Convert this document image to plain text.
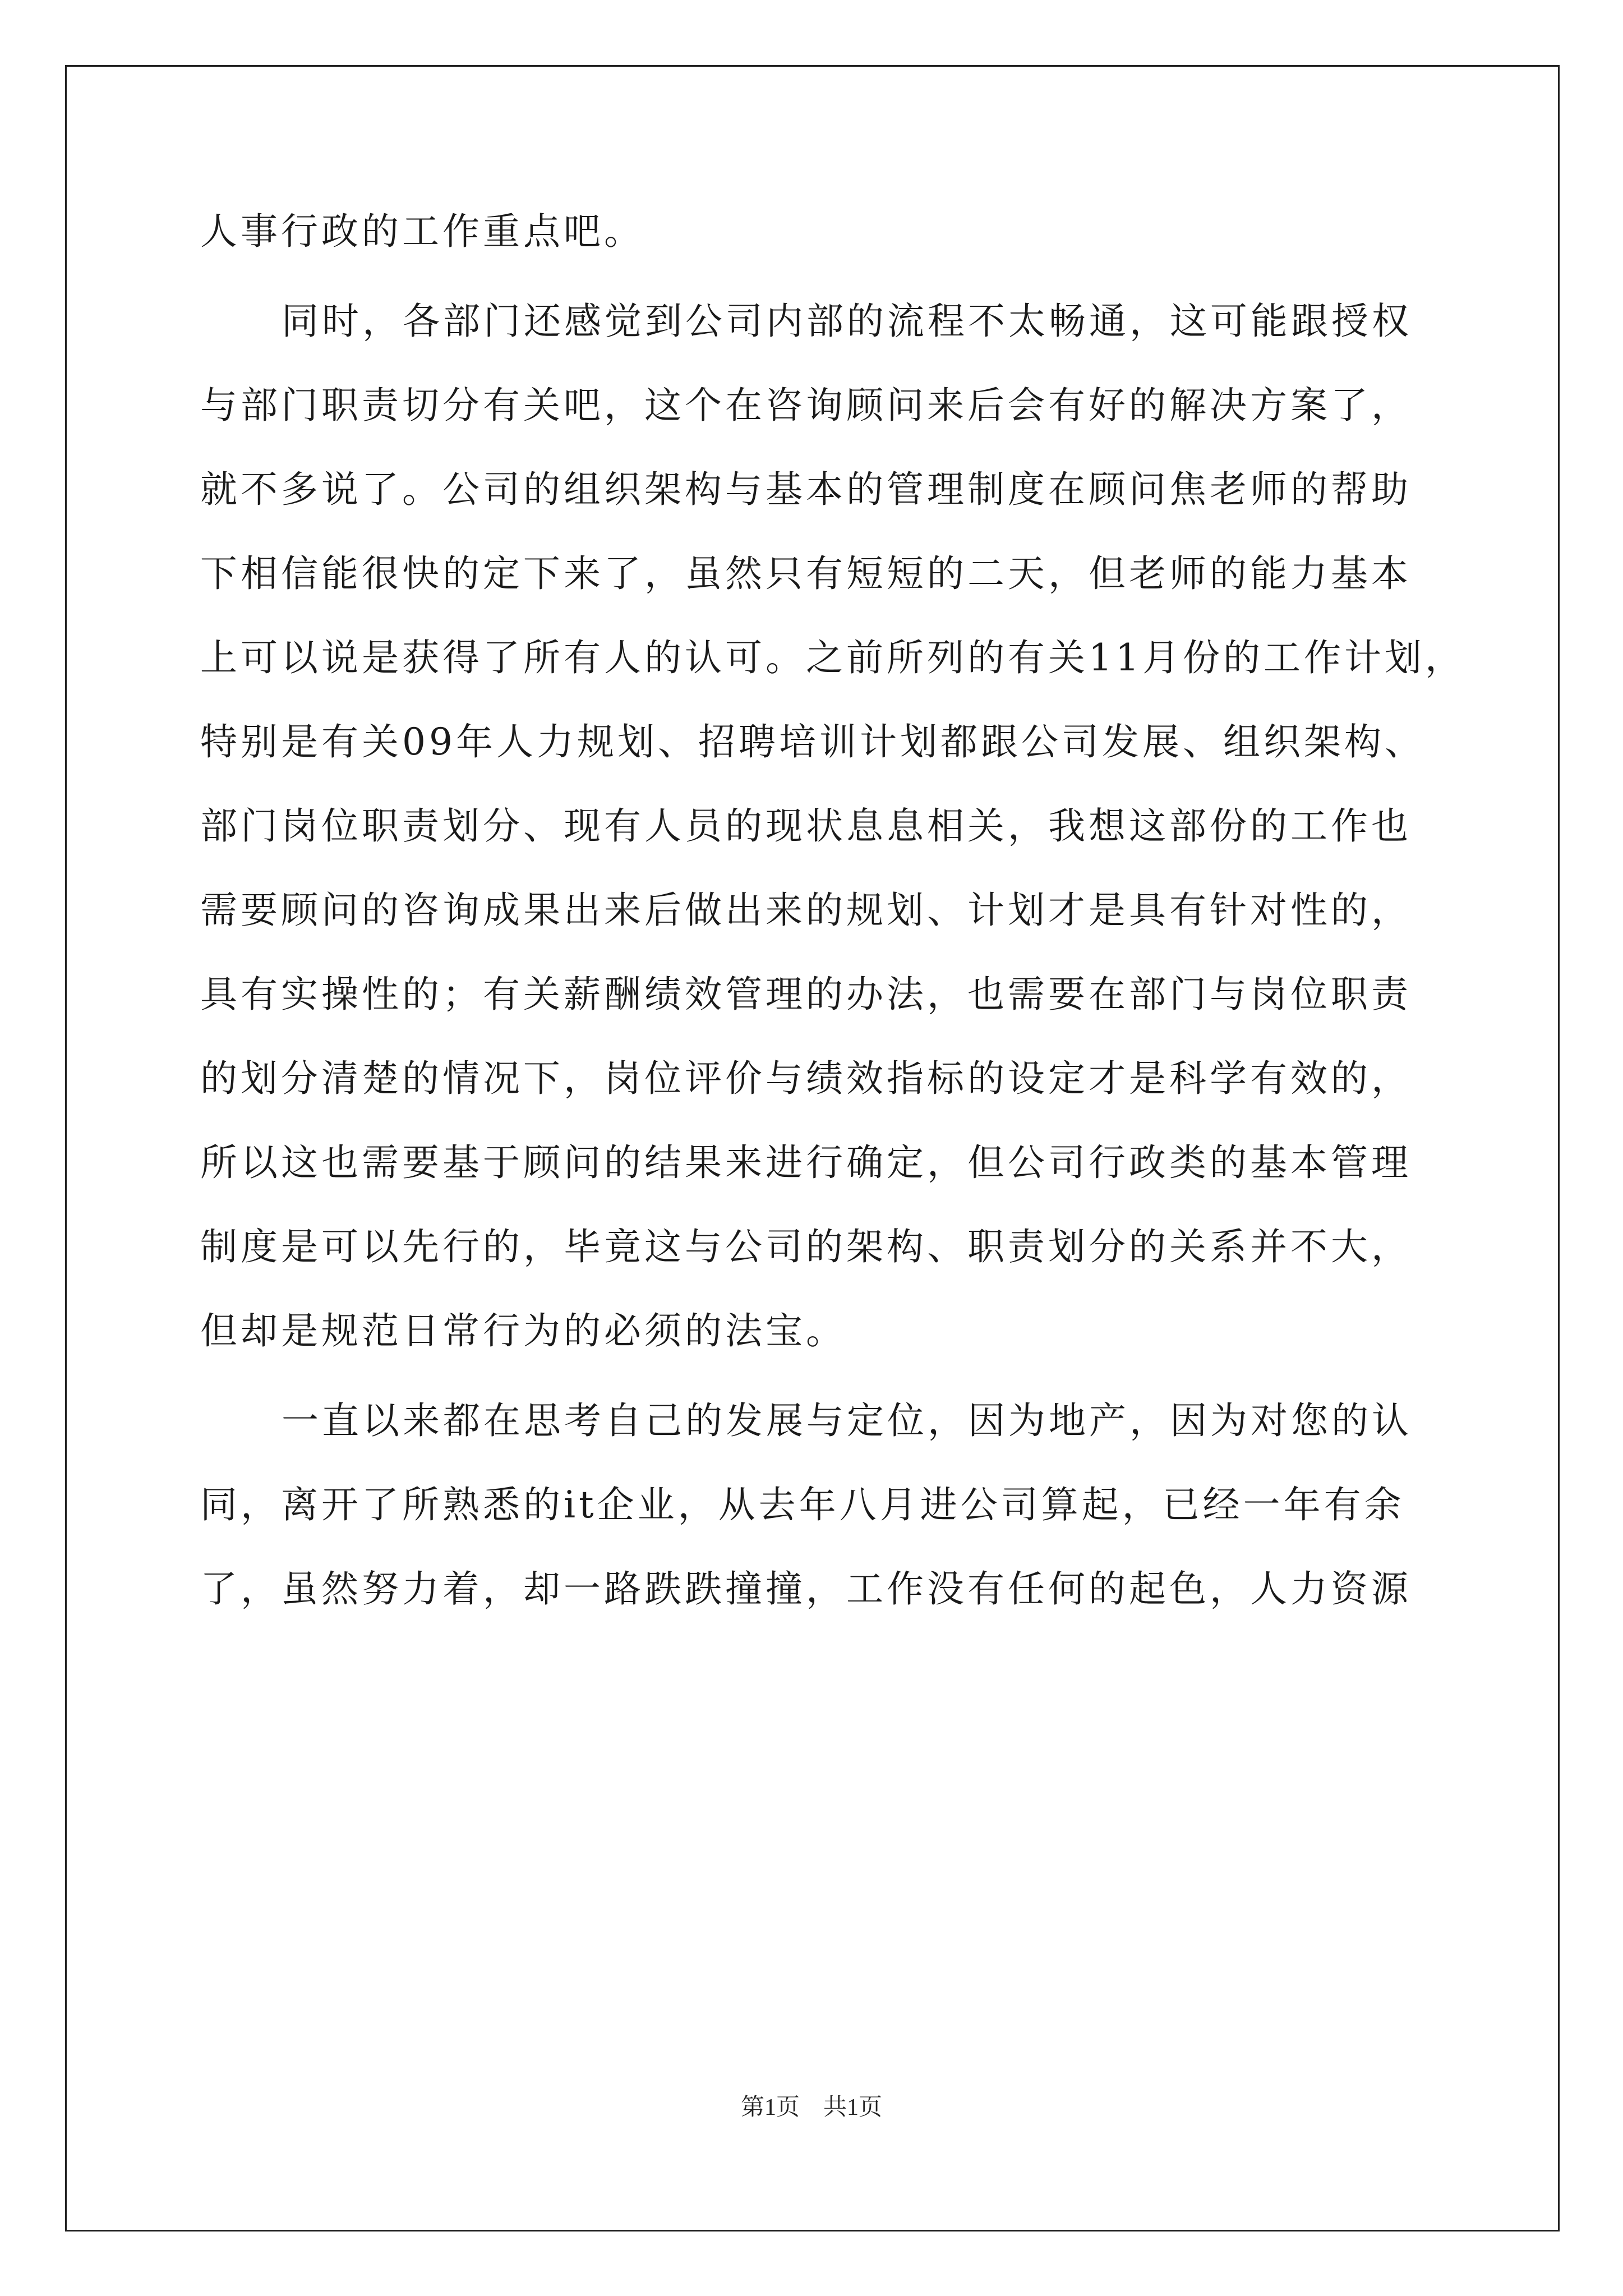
人事行政的工作重点吧。
同时，各部门还感觉到公司内部的流程不太畅通，这可能跟授权
与部门职责切分有关吧，这个在咨询顾问来后会有好的解决方案了，
就不多说了。公司的组织架构与基本的管理制度在顾问焦老师的帮助
下相信能很快的定下来了，虽然只有短短的二天，但老师的能力基本
上可以说是获得了所有人的认可。之前所列的有关11月份的工作计划，
特别是有关09年人力规划、招聘培训计划都跟公司发展、组织架构、
部门岗位职责划分、现有人员的现状息息相关，我想这部份的工作也
需要顾问的咨询成果出来后做出来的规划、计划才是具有针对性的，
具有实操性的；有关薪酬绩效管理的办法，也需要在部门与岗位职责
的划分清楚的情况下，岗位评价与绩效指标的设定才是科学有效的，
所以这也需要基于顾问的结果来进行确定，但公司行政类的基本管理
制度是可以先行的，毕竟这与公司的架构、职责划分的关系并不大，
但却是规范日常行为的必须的法宝。
一直以来都在思考自己的发展与定位，因为地产，因为对您的认
同，离开了所熟悉的it企业，从去年八月进公司算起，已经一年有余
了，虽然努力着，却一路跌跌撞撞，工作没有任何的起色，人力资源
第1页　共1页
